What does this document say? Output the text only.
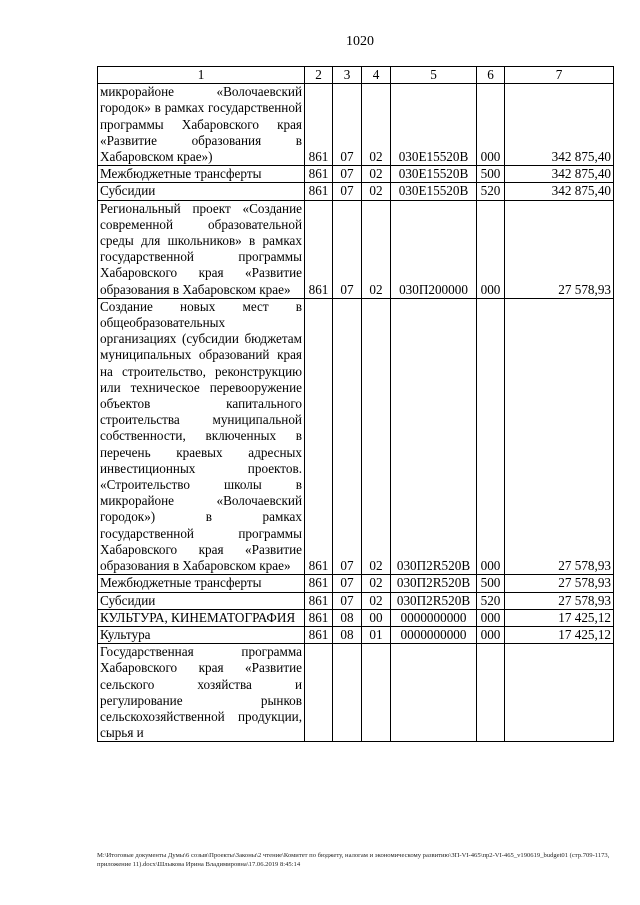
1020
1	2	3	4	5	6	7
микрорайоне «Волочаевский городок» в рамках государственной программы Хабаровского края «Развитие образования в Хабаровском крае»)	861	07	02	030E15520В	000	342 875,40
Межбюджетные трансферты	861	07	02	030E15520В	500	342 875,40
Субсидии	861	07	02	030E15520В	520	342 875,40
Региональный проект «Создание современной образовательной среды для школьников» в рамках государственной программы Хабаровского края «Развитие образования в Хабаровском крае»	861	07	02	030П200000	000	27 578,93
Создание новых мест в общеобразовательных организациях (субсидии бюджетам муниципальных образований края на строительство, реконструкцию или техническое перевооружение объектов капитального строительства муниципальной собственности, включенных в перечень краевых адресных инвестиционных проектов. «Строительство школы в микрорайоне «Волочаевский городок») в рамках государственной программы Хабаровского края «Развитие образования в Хабаровском крае»	861	07	02	030П2R520В	000	27 578,93
Межбюджетные трансферты	861	07	02	030П2R520В	500	27 578,93
Субсидии	861	07	02	030П2R520В	520	27 578,93
КУЛЬТУРА, КИНЕМАТОГРАФИЯ	861	08	00	0000000000	000	17 425,12
Культура	861	08	01	0000000000	000	17 425,12
Государственная программа Хабаровского края «Развитие сельского хозяйства и регулирование рынков сельскохозяйственной продукции, сырья и						
M:\Итоговые документы Думы\6 созыв\Проекты\Законы\2 чтение\Комитет по бюджету, налогам и экономическому развитию\ЗП-VI-465\пр2-VI-465_v190619_budget01 (стр.709-1173, приложение 11).docx\Шлыкова Ирина Владимировна\17.06.2019 8:45:14
